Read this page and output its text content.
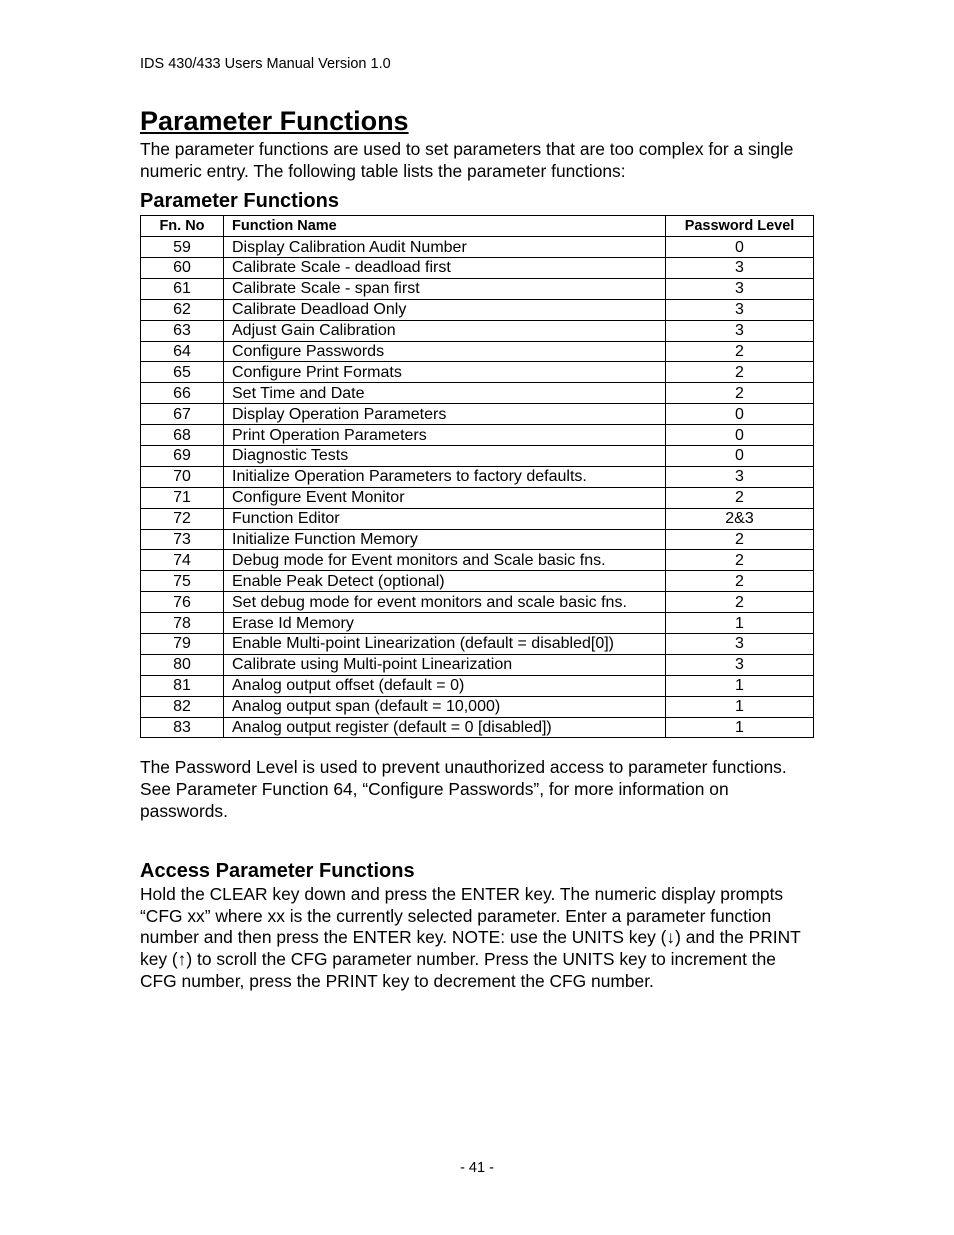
IDS 430/433 Users Manual Version 1.0
Parameter Functions

The parameter functions are used to set parameters that are too complex for a single numeric entry. The following table lists the parameter functions:

Parameter Functions
Fn. No	Function Name	Password Level
59	Display Calibration Audit Number	0
60	Calibrate Scale - deadload first	3
61	Calibrate Scale - span first	3
62	Calibrate Deadload Only	3
63	Adjust Gain Calibration	3
64	Configure Passwords	2
65	Configure Print Formats	2
66	Set Time and Date	2
67	Display Operation Parameters	0
68	Print Operation Parameters	0
69	Diagnostic Tests	0
70	Initialize Operation Parameters to factory defaults.	3
71	Configure Event Monitor	2
72	Function Editor	2&3
73	Initialize Function Memory	2
74	Debug mode for Event monitors and Scale basic fns.	2
75	Enable Peak Detect (optional)	2
76	Set debug mode for event monitors and scale basic fns.	2
78	Erase Id Memory	1
79	Enable Multi-point Linearization (default = disabled[0])	3
80	Calibrate using Multi-point Linearization	3
81	Analog output offset (default = 0)	1
82	Analog output span (default = 10,000)	1
83	Analog output register (default = 0 [disabled])	1

The Password Level is used to prevent unauthorized access to parameter functions. See Parameter Function 64, “Configure Passwords”, for more information on passwords.

Access Parameter Functions

Hold the CLEAR key down and press the ENTER key. The numeric display prompts “CFG xx” where xx is the currently selected parameter. Enter a parameter function number and then press the ENTER key. NOTE: use the UNITS key (↓) and the PRINT key (↑) to scroll the CFG parameter number. Press the UNITS key to increment the CFG number, press the PRINT key to decrement the CFG number.

- 41 -
